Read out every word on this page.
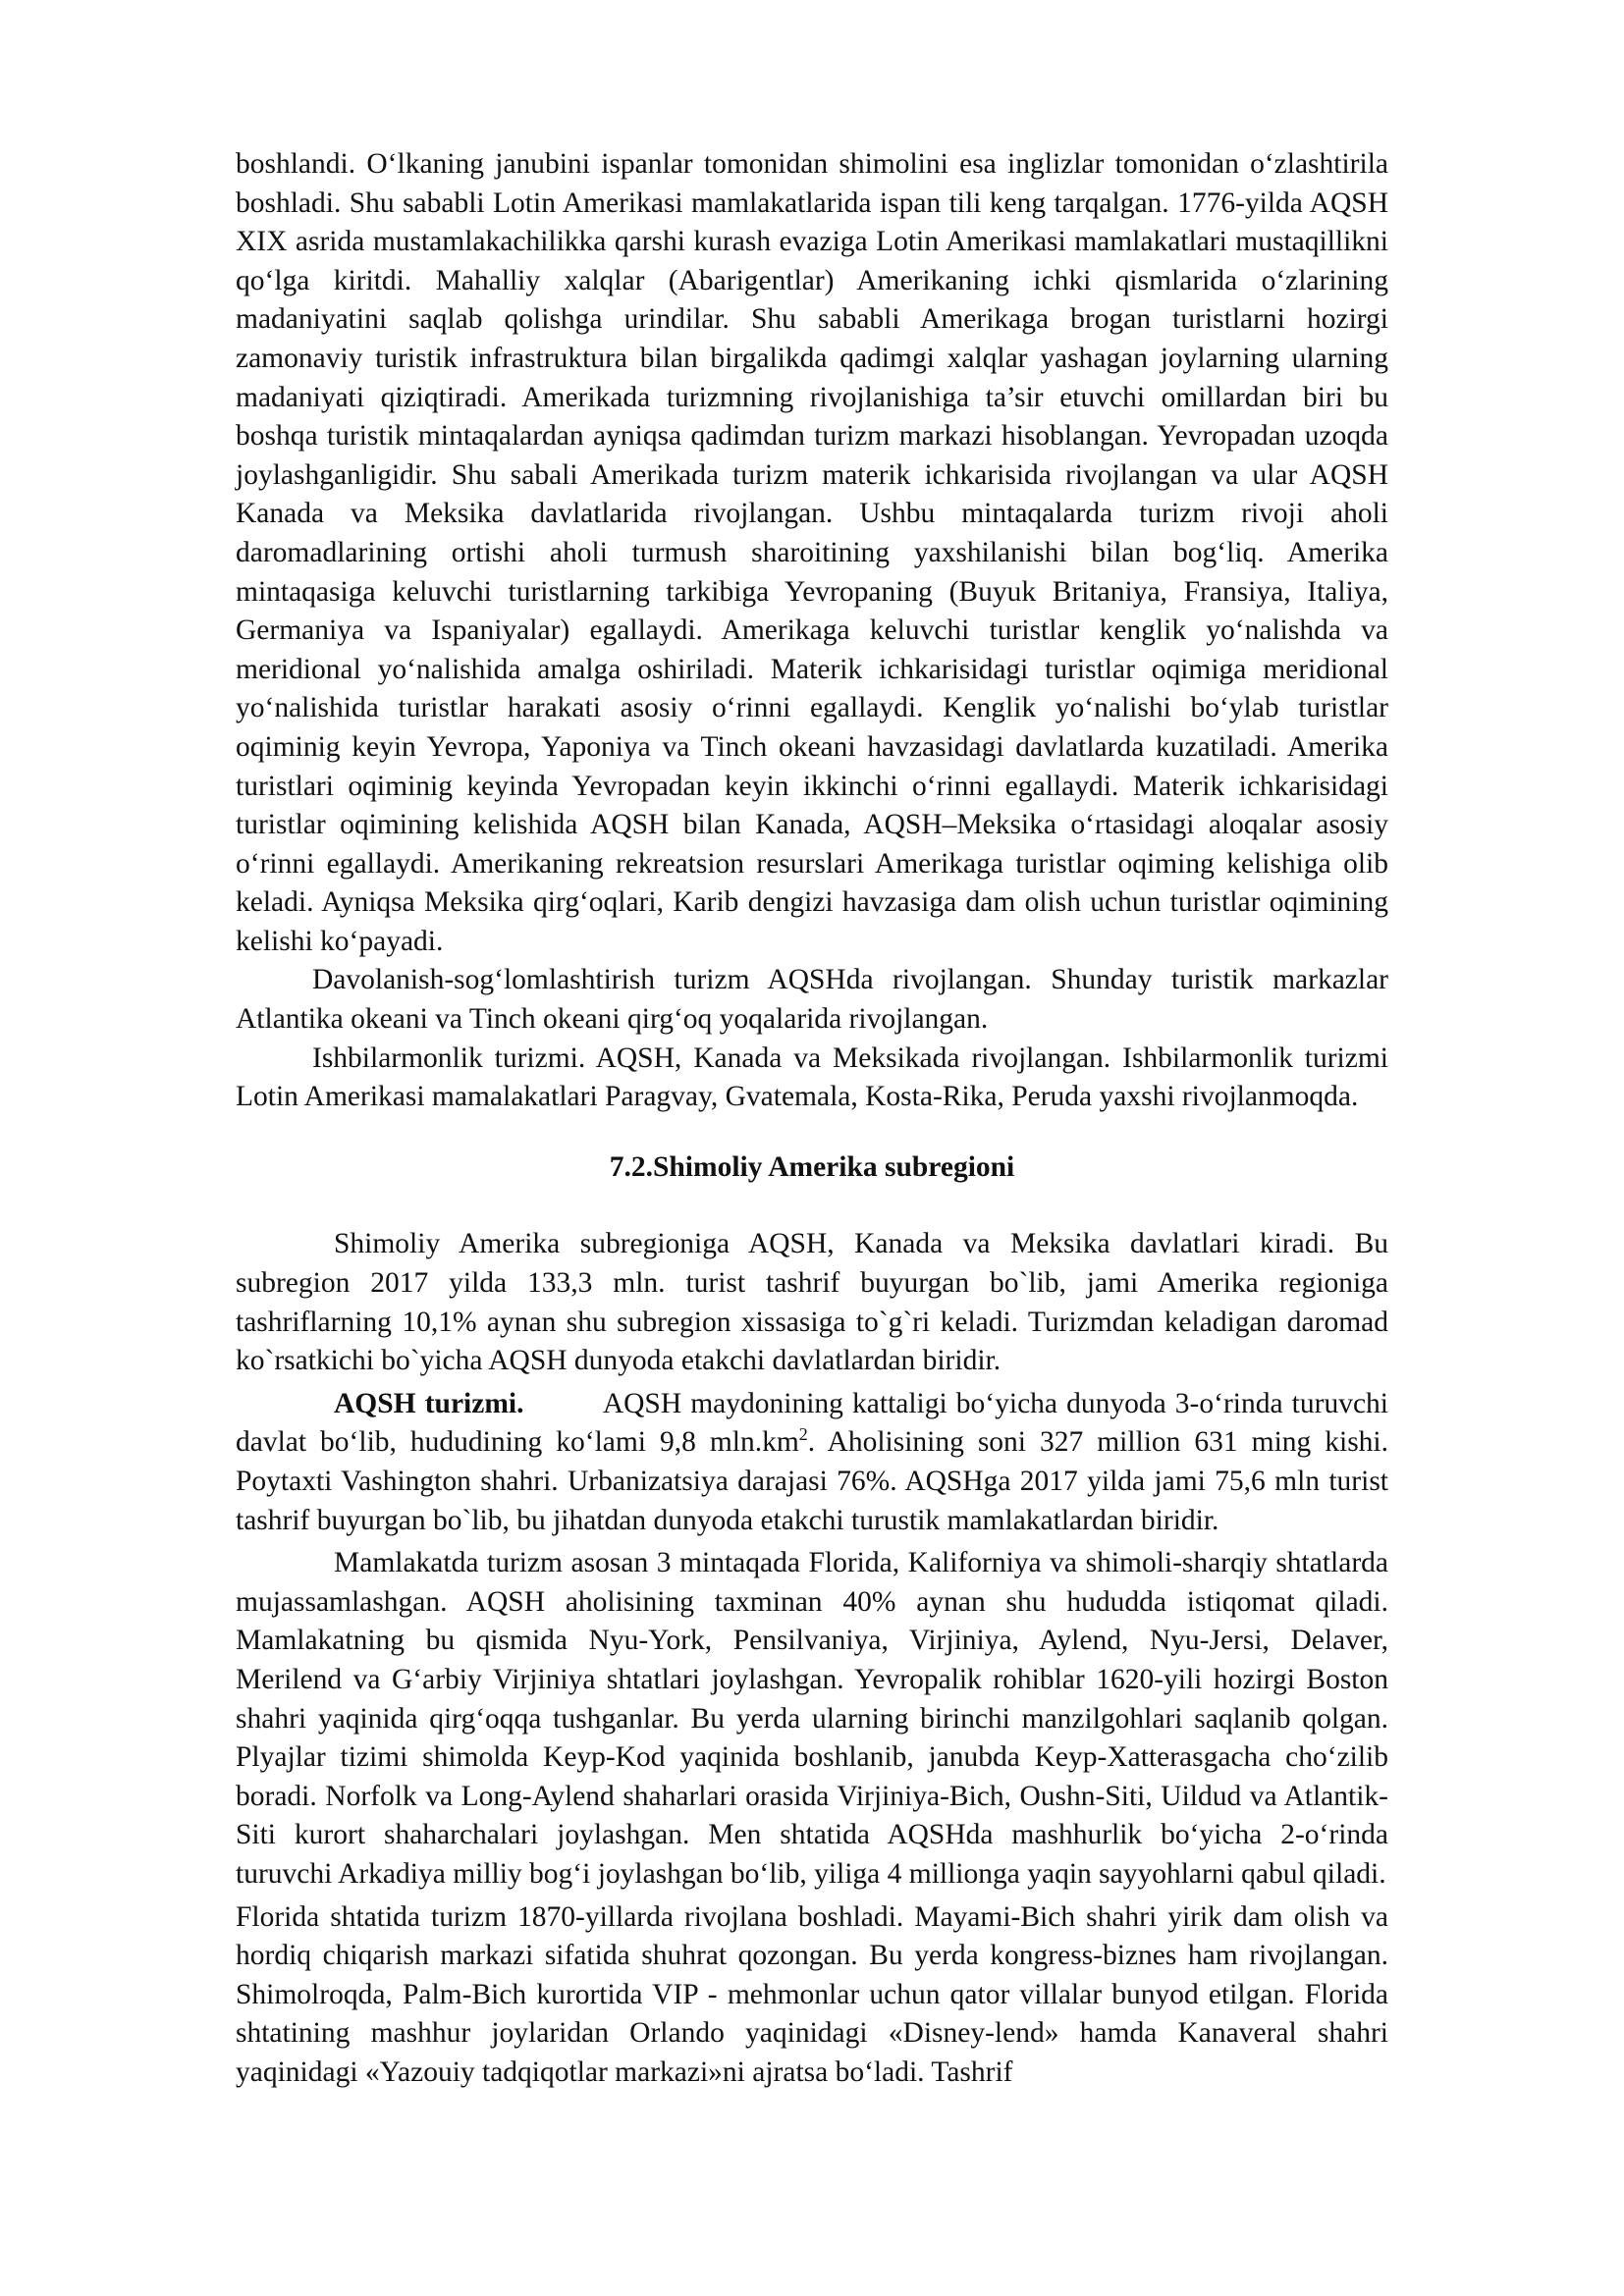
boshlandi. O‘lkaning janubini ispanlar tomonidan shimolini esa inglizlar tomonidan o‘zlashtirila boshladi. Shu sababli Lotin Amerikasi mamlakatlarida ispan tili keng tarqalgan. 1776-yilda AQSH XIX asrida mustamlakachilikka qarshi kurash evaziga Lotin Amerikasi mamlakatlari mustaqillikni qo‘lga kiritdi. Mahalliy xalqlar (Abarigentlar) Amerikaning ichki qismlarida o‘zlarining madaniyatini saqlab qolishga urindilar. Shu sababli Amerikaga brogan turistlarni hozirgi zamonaviy turistik infrastruktura bilan birgalikda qadimgi xalqlar yashagan joylarning ularning madaniyati qiziqtiradi. Amerikada turizmning rivojlanishiga ta’sir etuvchi omillardan biri bu boshqa turistik mintaqalardan ayniqsa qadimdan turizm markazi hisoblangan. Yevropadan uzoqda joylashganligidir. Shu sabali Amerikada turizm materik ichkarisida rivojlangan va ular AQSH Kanada va Meksika davlatlarida rivojlangan. Ushbu mintaqalarda turizm rivoji aholi daromadlarining ortishi aholi turmush sharoitining yaxshilanishi bilan bog‘liq. Amerika mintaqasiga keluvchi turistlarning tarkibiga Yevropaning (Buyuk Britaniya, Fransiya, Italiya, Germaniya va Ispaniyalar) egallaydi. Amerikaga keluvchi turistlar kenglik yo‘nalishda va meridional yo‘nalishida amalga oshiriladi. Materik ichkarisidagi turistlar oqimiga meridional yo‘nalishida turistlar harakati asosiy o‘rinni egallaydi. Kenglik yo‘nalishi bo‘ylab turistlar oqiminig keyin Yevropa, Yaponiya va Tinch okeani havzasidagi davlatlarda kuzatiladi. Amerika turistlari oqiminig keyinda Yevropadan keyin ikkinchi o‘rinni egallaydi. Materik ichkarisidagi turistlar oqimining kelishida AQSH bilan Kanada, AQSH–Meksika o‘rtasidagi aloqalar asosiy o‘rinni egallaydi. Amerikaning rekreatsion resurslari Amerikaga turistlar oqiming kelishiga olib keladi. Ayniqsa Meksika qirg‘oqlari, Karib dengizi havzasiga dam olish uchun turistlar oqimining kelishi ko‘payadi.

Davolanish-sog‘lomlashtirish turizm AQSHda rivojlangan. Shunday turistik markazlar Atlantika okeani va Tinch okeani qirg‘oq yoqalarida rivojlangan.

Ishbilarmonlik turizmi. AQSH, Kanada va Meksikada rivojlangan. Ishbilarmonlik turizmi Lotin Amerikasi mamalakatlari Paragvay, Gvatemala, Kosta-Rika, Peruda yaxshi rivojlanmoqda.

7.2.Shimoliy Amerika subregioni

Shimoliy Amerika subregioniga AQSH, Kanada va Meksika davlatlari kiradi. Bu subregion 2017 yilda 133,3 mln. turist tashrif buyurgan bo`lib, jami Amerika regioniga tashriflarning 10,1% aynan shu subregion xissasiga to`g`ri keladi. Turizmdan keladigan daromad ko`rsatkichi bo`yicha AQSH dunyoda etakchi davlatlardan biridir.

AQSH turizmi.	AQSH maydonining kattaligi bo‘yicha dunyoda 3-o‘rinda turuvchi davlat bo‘lib, hududining ko‘lami 9,8 $mln.km^2$. Aholisining soni 327 million 631 ming kishi. Poytaxti Vashington shahri. Urbanizatsiya darajasi 76%. AQSHga 2017 yilda jami 75,6 mln turist tashrif buyurgan bo`lib, bu jihatdan dunyoda etakchi turustik mamlakatlardan biridir.

Mamlakatda turizm asosan 3 mintaqada Florida, Kaliforniya va shimoli-sharqiy shtatlarda mujassamlashgan. AQSH aholisining taxminan 40% aynan shu hududda istiqomat qiladi. Mamlakatning bu qismida Nyu-York, Pensilvaniya, Virjiniya, Aylend, Nyu-Jersi, Delaver, Merilend va G‘arbiy Virjiniya shtatlari joylashgan. Yevropalik rohiblar 1620-yili hozirgi Boston shahri yaqinida qirg‘oqqa tushganlar. Bu yerda ularning birinchi manzilgohlari saqlanib qolgan. Plyajlar tizimi shimolda Keyp-Kod yaqinida boshlanib, janubda Keyp-Xatterasgacha cho‘zilib boradi. Norfolk va Long-Aylend shaharlari orasida Virjiniya-Bich, Oushn-Siti, Uildud va Atlantik-Siti kurort shaharchalari joylashgan. Men shtatida AQSHda mashhurlik bo‘yicha 2-o‘rinda turuvchi Arkadiya milliy bog‘i joylashgan bo‘lib, yiliga 4 millionga yaqin sayyohlarni qabul qiladi.

Florida shtatida turizm 1870-yillarda rivojlana boshladi. Mayami-Bich shahri yirik dam olish va hordiq chiqarish markazi sifatida shuhrat qozongan. Bu yerda kongress-biznes ham rivojlangan. Shimolroqda, Palm-Bich kurortida VIP - mehmonlar uchun qator villalar bunyod etilgan. Florida shtatining mashhur joylaridan Orlando yaqinidagi «Disney-lend» hamda Kanaveral shahri yaqinidagi «Yazouiy tadqiqotlar markazi»ni ajratsa bo‘ladi. Tashrif
